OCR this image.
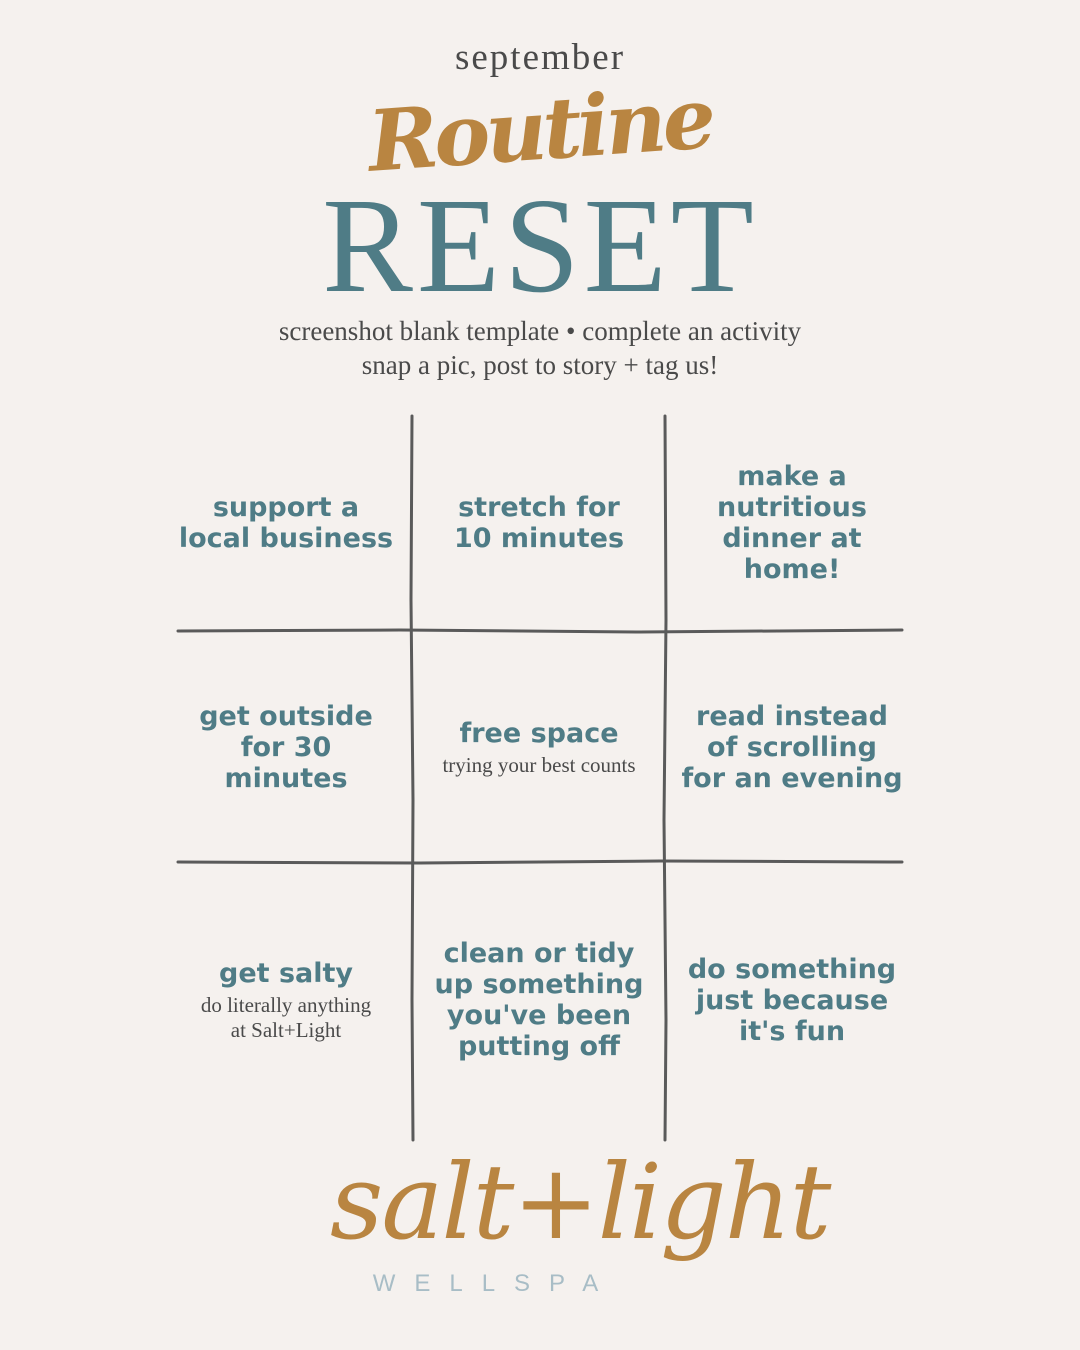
september
Routine
RESET
screenshot blank template • complete an activity
snap a pic, post to story + tag us!
support a
local business
stretch for
10 minutes
make a
nutritious
dinner at
home!
get outside
for 30
minutes
free space
trying your best counts
read instead
of scrolling
for an evening
get salty
do literally anything
at Salt+Light
clean or tidy
up something
you've been
putting off
do something
just because
it's fun
salt+light
WELLSPA
